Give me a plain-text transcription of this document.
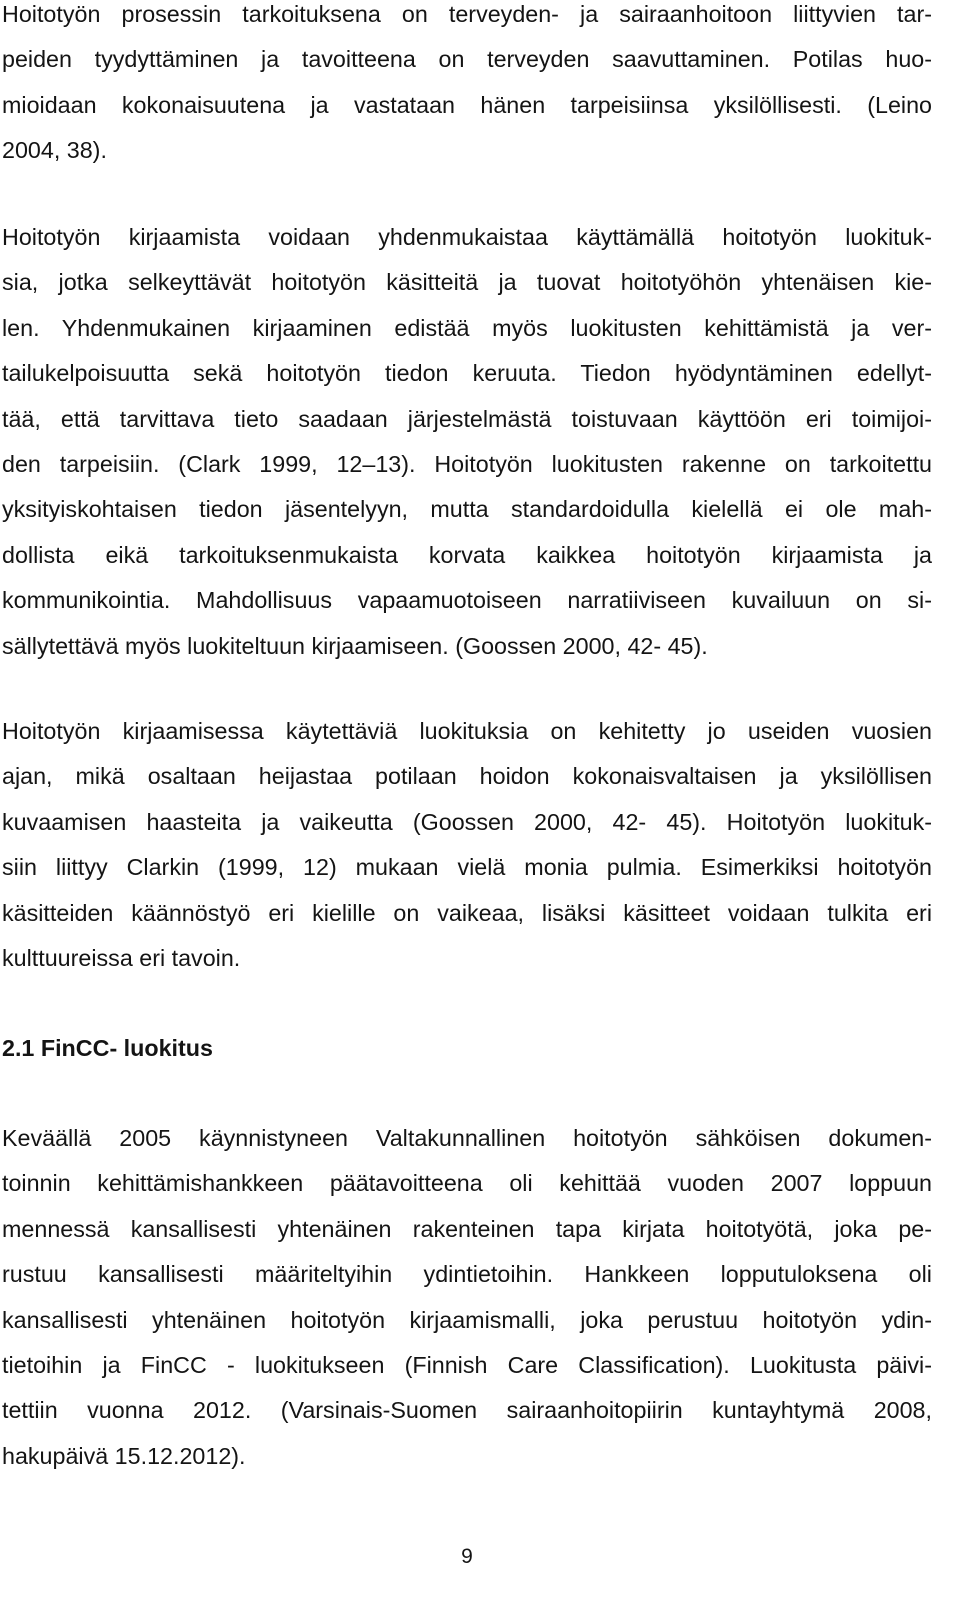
Hoitotyön prosessin tarkoituksena on terveyden- ja sairaanhoitoon liittyvien tar-
peiden tyydyttäminen ja tavoitteena on terveyden saavuttaminen. Potilas huo-
mioidaan kokonaisuutena ja vastataan hänen tarpeisiinsa yksilöllisesti. (Leino
2004, 38).
Hoitotyön kirjaamista voidaan yhdenmukaistaa käyttämällä hoitotyön luokituk-
sia, jotka selkeyttävät hoitotyön käsitteitä ja tuovat hoitotyöhön yhtenäisen kie-
len. Yhdenmukainen kirjaaminen edistää myös luokitusten kehittämistä ja ver-
tailukelpoisuutta sekä hoitotyön tiedon keruuta. Tiedon hyödyntäminen edellyt-
tää, että tarvittava tieto saadaan järjestelmästä toistuvaan käyttöön eri toimijoi-
den tarpeisiin. (Clark 1999, 12–13). Hoitotyön luokitusten rakenne on tarkoitettu
yksityiskohtaisen tiedon jäsentelyyn, mutta standardoidulla kielellä ei ole mah-
dollista eikä tarkoituksenmukaista korvata kaikkea hoitotyön kirjaamista ja
kommunikointia. Mahdollisuus vapaamuotoiseen narratiiviseen kuvailuun on si-
sällytettävä myös luokiteltuun kirjaamiseen. (Goossen 2000, 42- 45).
Hoitotyön kirjaamisessa käytettäviä luokituksia on kehitetty jo useiden vuosien
ajan, mikä osaltaan heijastaa potilaan hoidon kokonaisvaltaisen ja yksilöllisen
kuvaamisen haasteita ja vaikeutta (Goossen 2000, 42- 45). Hoitotyön luokituk-
siin liittyy Clarkin (1999, 12) mukaan vielä monia pulmia. Esimerkiksi hoitotyön
käsitteiden käännöstyö eri kielille on vaikeaa, lisäksi käsitteet voidaan tulkita eri
kulttuureissa eri tavoin.
2.1 FinCC- luokitus
Keväällä 2005 käynnistyneen Valtakunnallinen hoitotyön sähköisen dokumen-
toinnin kehittämishankkeen päätavoitteena oli kehittää vuoden 2007 loppuun
mennessä kansallisesti yhtenäinen rakenteinen tapa kirjata hoitotyötä, joka pe-
rustuu kansallisesti määriteltyihin ydintietoihin. Hankkeen lopputuloksena oli
kansallisesti yhtenäinen hoitotyön kirjaamismalli, joka perustuu hoitotyön ydin-
tietoihin ja FinCC - luokitukseen (Finnish Care Classification). Luokitusta päivi-
tettiin vuonna 2012. (Varsinais-Suomen sairaanhoitopiirin kuntayhtymä 2008,
hakupäivä 15.12.2012).
9
